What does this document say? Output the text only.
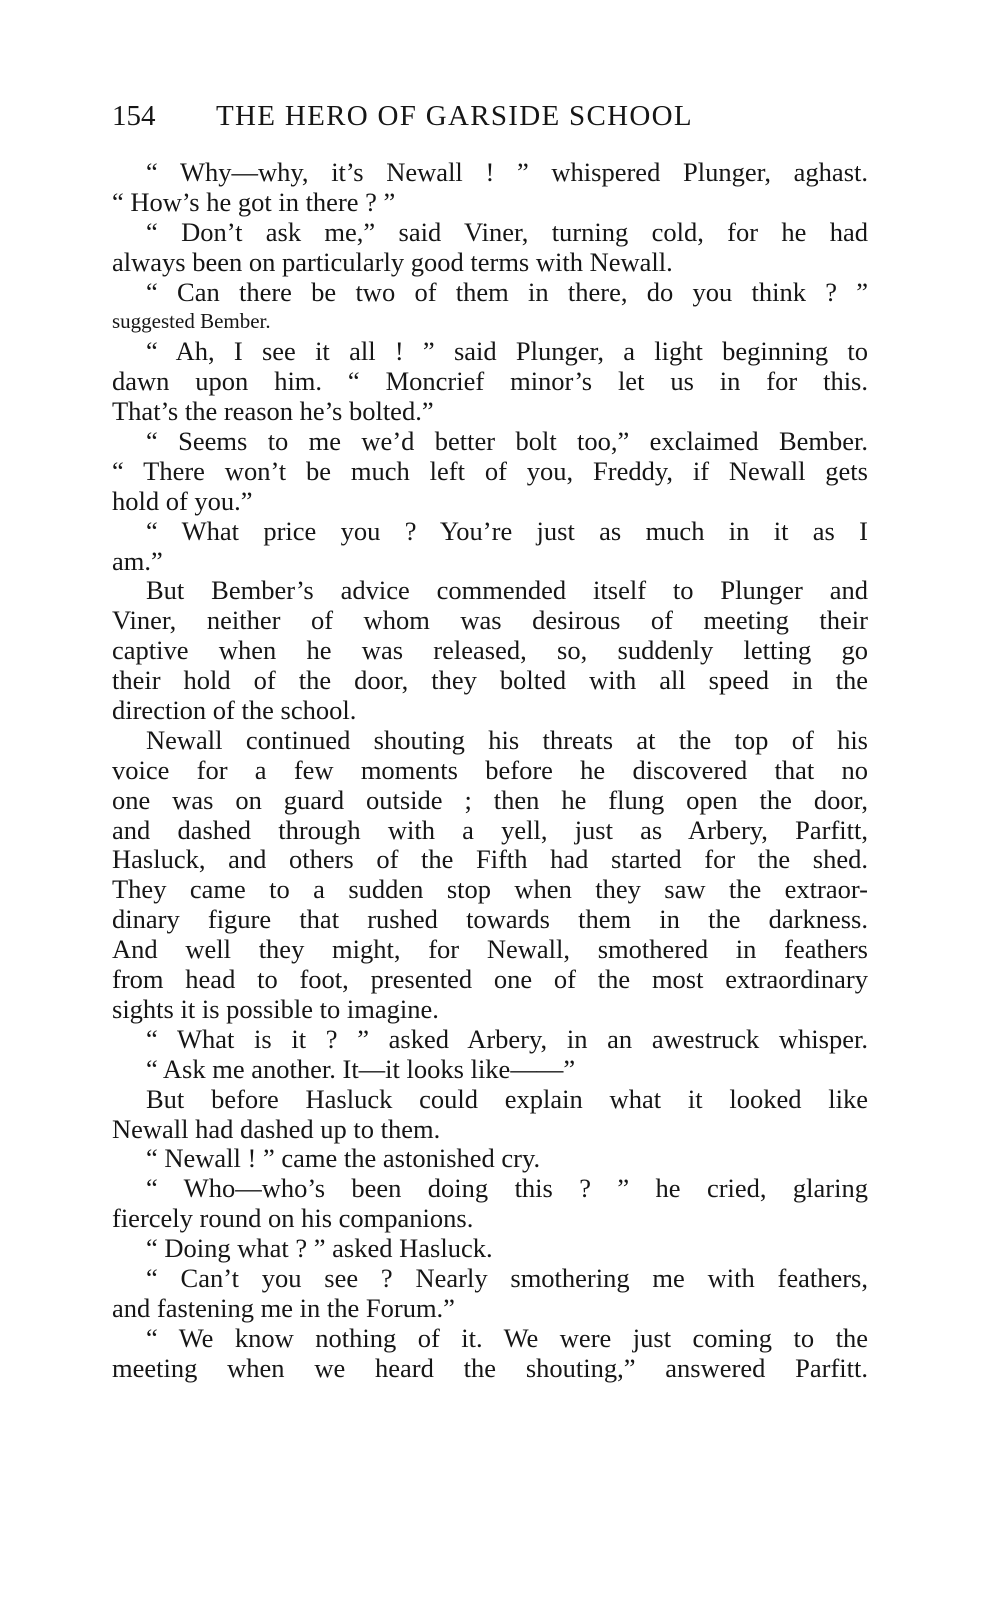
154 THE HERO OF GARSIDE SCHOOL
“ Why—why, it’s Newall ! ” whispered Plunger, aghast.
“ How’s he got in there ? ”
“ Don’t ask me,” said Viner, turning cold, for he had
always been on particularly good terms with Newall.
“ Can there be two of them in there, do you think ? ”
suggested Bember.
“ Ah, I see it all ! ” said Plunger, a light beginning to
dawn upon him. “ Moncrief minor’s let us in for this.
That’s the reason he’s bolted.”
“ Seems to me we’d better bolt too,” exclaimed Bember.
“ There won’t be much left of you, Freddy, if Newall gets
hold of you.”
“ What price you ? You’re just as much in it as I
am.”
But Bember’s advice commended itself to Plunger and
Viner, neither of whom was desirous of meeting their
captive when he was released, so, suddenly letting go
their hold of the door, they bolted with all speed in the
direction of the school.
Newall continued shouting his threats at the top of his
voice for a few moments before he discovered that no
one was on guard outside ; then he flung open the door,
and dashed through with a yell, just as Arbery, Parfitt,
Hasluck, and others of the Fifth had started for the shed.
They came to a sudden stop when they saw the extraor-
dinary figure that rushed towards them in the darkness.
And well they might, for Newall, smothered in feathers
from head to foot, presented one of the most extraordinary
sights it is possible to imagine.
“ What is it ? ” asked Arbery, in an awestruck whisper.
“ Ask me another. It—it looks like——”
But before Hasluck could explain what it looked like
Newall had dashed up to them.
“ Newall ! ” came the astonished cry.
“ Who—who’s been doing this ? ” he cried, glaring
fiercely round on his companions.
“ Doing what ? ” asked Hasluck.
“ Can’t you see ? Nearly smothering me with feathers,
and fastening me in the Forum.”
“ We know nothing of it. We were just coming to the
meeting when we heard the shouting,” answered Parfitt.
